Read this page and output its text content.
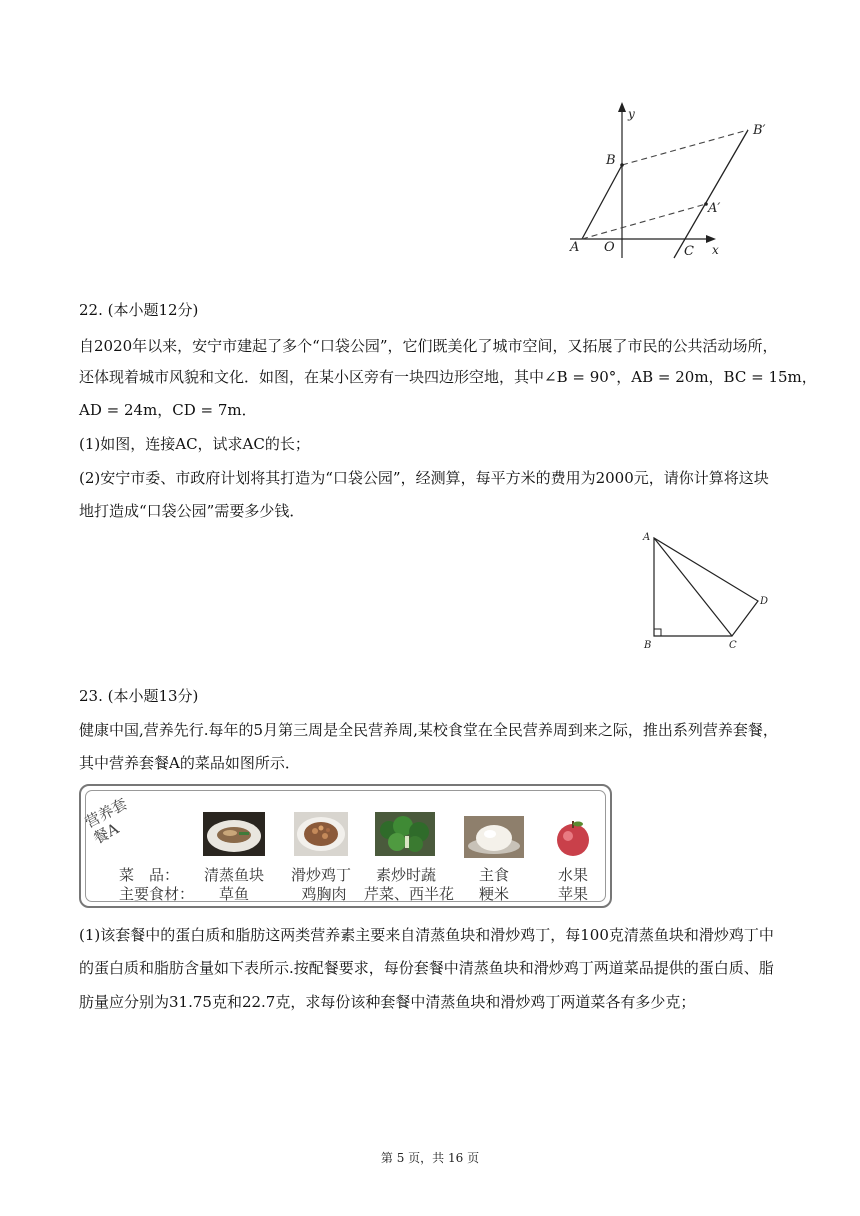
y
x
A O
B
B′
A′
C
22. (本小题12分)
自2020年以来，安宁市建起了多个“口袋公园”，它们既美化了城市空间，又拓展了市民的公共活动场所，
还体现着城市风貌和文化．如图，在某小区旁有一块四边形空地，其中∠B = 90°，AB = 20m，BC = 15m，
AD = 24m，CD = 7m．
(1)如图，连接AC，试求AC的长；
(2)安宁市委、市政府计划将其打造为“口袋公园”，经测算，每平方米的费用为2000元，请你计算将这块
地打造成“口袋公园”需要多少钱．
A
B	C
D
23. (本小题13分)
健康中国,营养先行.每年的5月第三周是全民营养周,某校食堂在全民营养周到来之际，推出系列营养套餐，
其中营养套餐A的菜品如图所示．
营养套餐A
菜　品：
主要食材：
清蒸鱼块	滑炒鸡丁	素炒时蔬	主食	水果
草鱼	鸡胸肉	芹菜、西半花	粳米	苹果
(1)该套餐中的蛋白质和脂肪这两类营养素主要来自清蒸鱼块和滑炒鸡丁，每100克清蒸鱼块和滑炒鸡丁中
的蛋白质和脂肪含量如下表所示.按配餐要求，每份套餐中清蒸鱼块和滑炒鸡丁两道菜品提供的蛋白质、脂
肪量应分别为31.75克和22.7克，求每份该种套餐中清蒸鱼块和滑炒鸡丁两道菜各有多少克；
第 5 页，共 16 页
